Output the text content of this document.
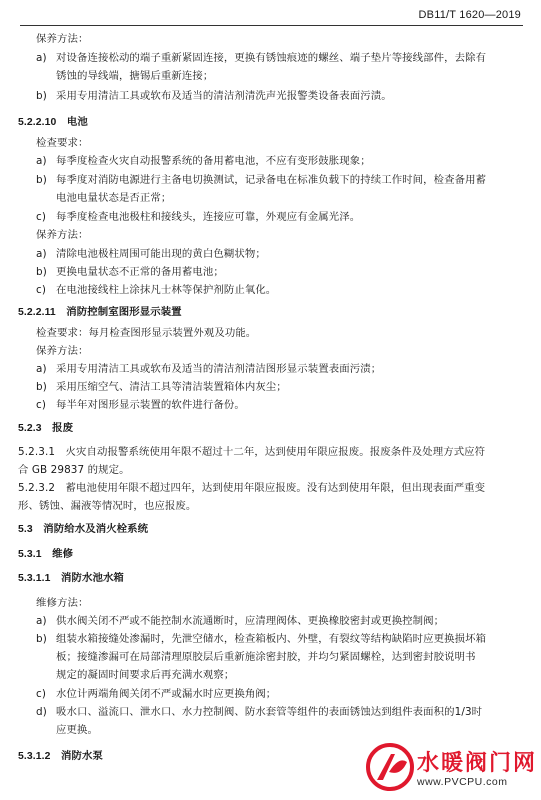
DB11/T 1620—2019
保养方法：
a) 对设备连接松动的端子重新紧固连接，更换有锈蚀痕迹的螺丝、端子垫片等接线部件，去除有
锈蚀的导线端，搪锡后重新连接；
b) 采用专用清洁工具或软布及适当的清洁剂清洗声光报警类设备表面污渍。
5.2.2.10　 电池
检查要求：
a) 每季度检查火灾自动报警系统的备用蓄电池，不应有变形鼓胀现象；
b) 每季度对消防电源进行主备电切换测试，记录备电在标准负载下的持续工作时间，检查备用蓄
电池电量状态是否正常；
c) 每季度检查电池极柱和接线头，连接应可靠，外观应有金属光泽。
保养方法：
a) 清除电池极柱周围可能出现的黄白色糊状物；
b) 更换电量状态不正常的备用蓄电池；
c) 在电池接线柱上涂抹凡士林等保护剂防止氧化。
5.2.2.11　 消防控制室图形显示装置
检查要求：每月检查图形显示装置外观及功能。
保养方法：
a) 采用专用清洁工具或软布及适当的清洁剂清洁图形显示装置表面污渍；
b) 采用压缩空气、清洁工具等清洁装置箱体内灰尘；
c) 每半年对图形显示装置的软件进行备份。
5.2.3　 报废
5.2.3.1　火灾自动报警系统使用年限不超过十二年，达到使用年限应报废。报废条件及处理方式应符
合 GB 29837 的规定。
5.2.3.2　蓄电池使用年限不超过四年，达到使用年限应报废。没有达到使用年限，但出现表面严重变
形、锈蚀、漏液等情况时，也应报废。
5.3　 消防给水及消火栓系统
5.3.1　 维修
5.3.1.1　 消防水池水箱
维修方法：
a) 供水阀关闭不严或不能控制水流通断时，应清理阀体、更换橡胶密封或更换控制阀；
b) 组装水箱接缝处渗漏时，先泄空储水，检查箱板内、外壁，有裂纹等结构缺陷时应更换损坏箱
板；接缝渗漏可在局部清理原胶层后重新施涂密封胶，并均匀紧固螺栓，达到密封胶说明书
规定的凝固时间要求后再充满水观察；
c) 水位计两端角阀关闭不严或漏水时应更换角阀；
d) 吸水口、溢流口、泄水口、水力控制阀、防水套管等组件的表面锈蚀达到组件表面积的1/3时
应更换。
5.3.1.2　 消防水泵	水暖阀门网
www.PVCPU.com
